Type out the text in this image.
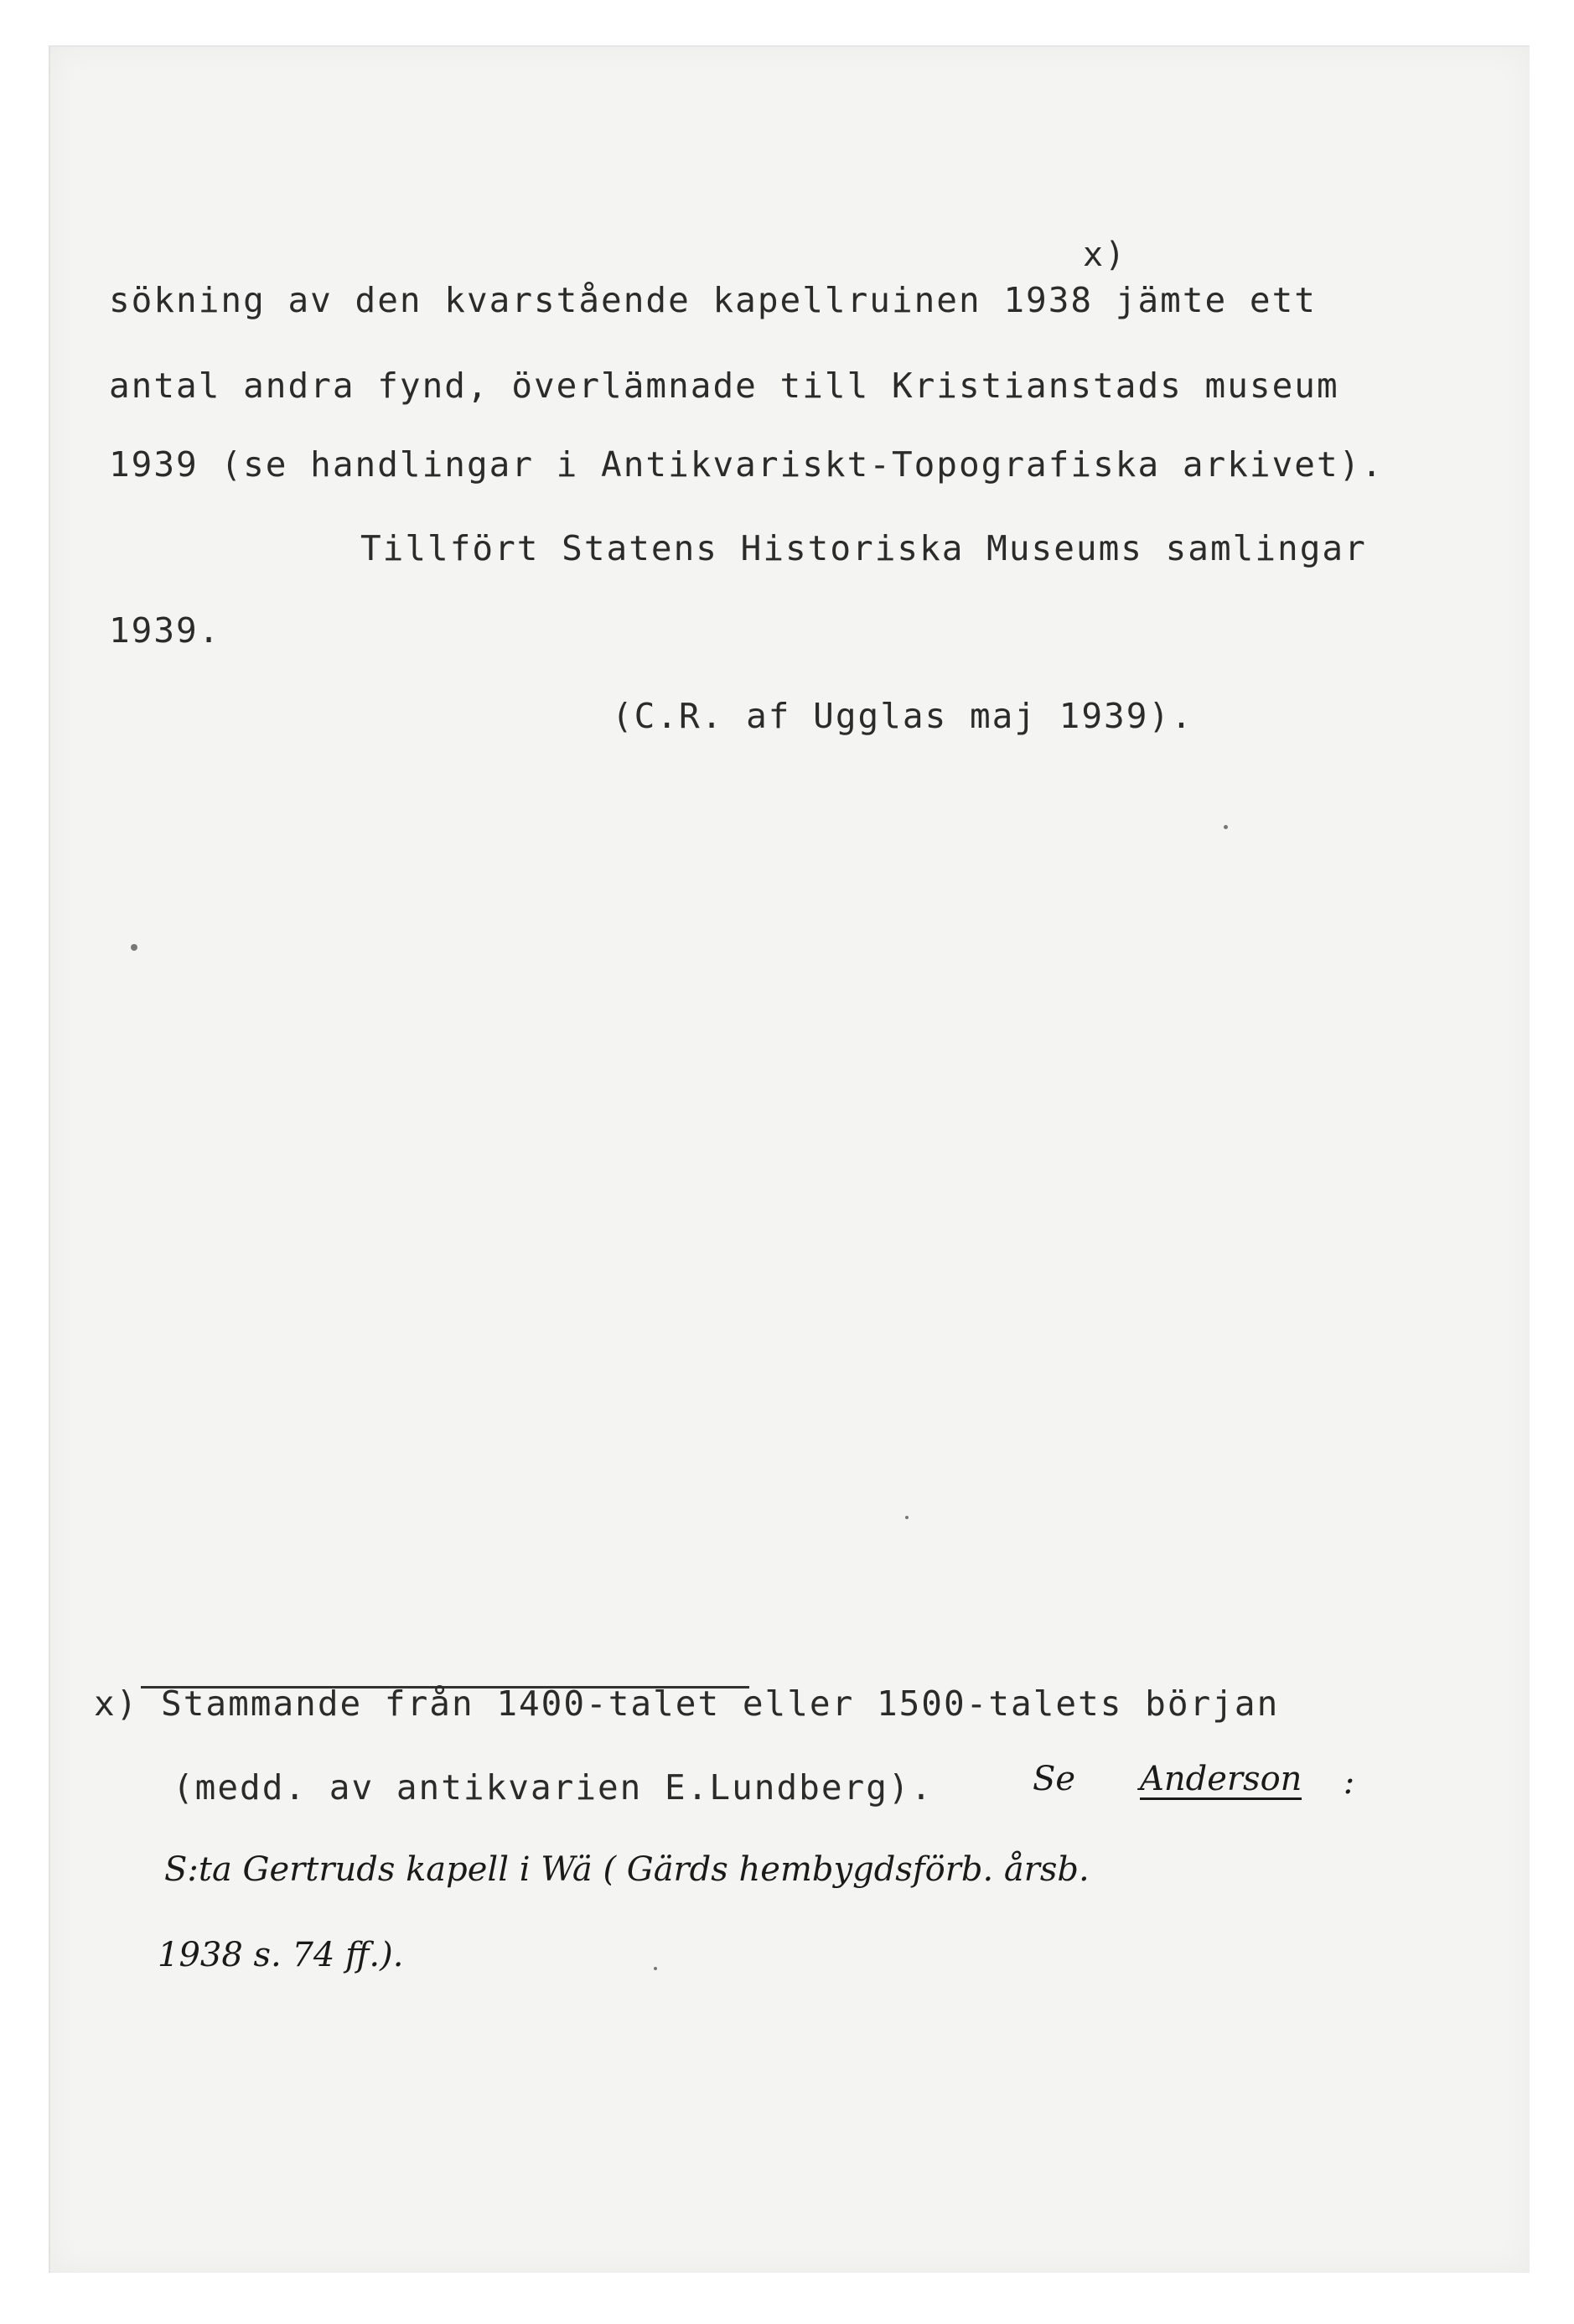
x)
sökning av den kvarstående kapellruinen 1938 jämte ett
antal andra fynd, överlämnade till Kristianstads museum
1939 (se handlingar i Antikvariskt-Topografiska arkivet).
Tillfört Statens Historiska Museums samlingar
1939.
(C.R. af Ugglas maj 1939).
x) Stammande från 1400-talet eller 1500-talets början
(medd. av antikvarien E.Lundberg).	Se Anderson :
S:ta Gertruds kapell i Wä ( Gärds hembygdsförb. årsb.
1938 s. 74 ff.).
